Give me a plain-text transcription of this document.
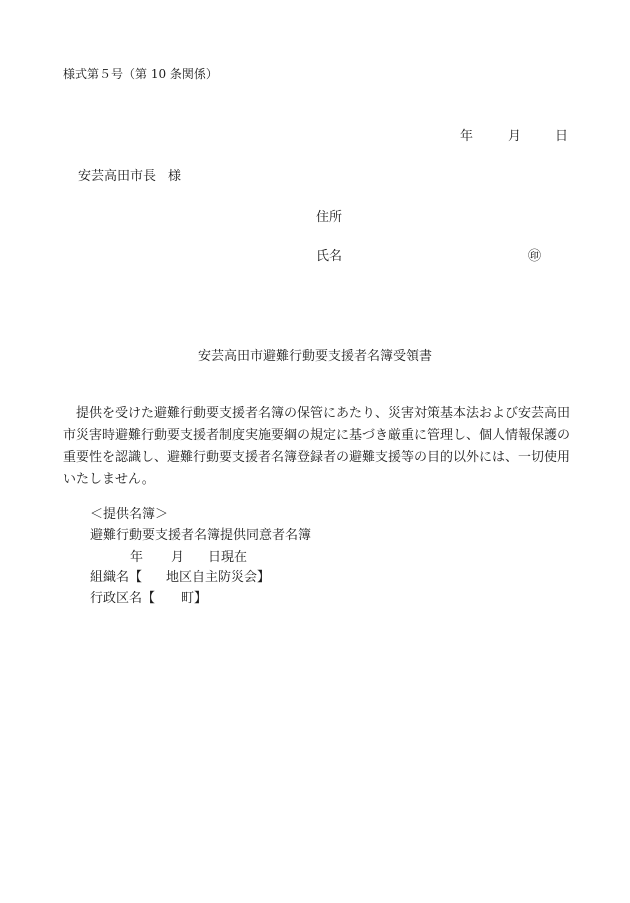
様式第５号（第 10 条関係）
年	月	日
安芸高田市長 様
住所
氏名	㊞
安芸高田市避難行動要支援者名簿受領書
提供を受けた避難行動要支援者名簿の保管にあたり、災害対策基本法および安芸高田市災害時避難行動要支援者制度実施要綱の規定に基づき厳重に管理し、個人情報保護の重要性を認識し、避難行動要支援者名簿登録者の避難支援等の目的以外には、一切使用いたしません。
＜提供名簿＞
避難行動要支援者名簿提供同意者名簿
年 月 日現在
組織名【 地区自主防災会】
行政区名【 町】
